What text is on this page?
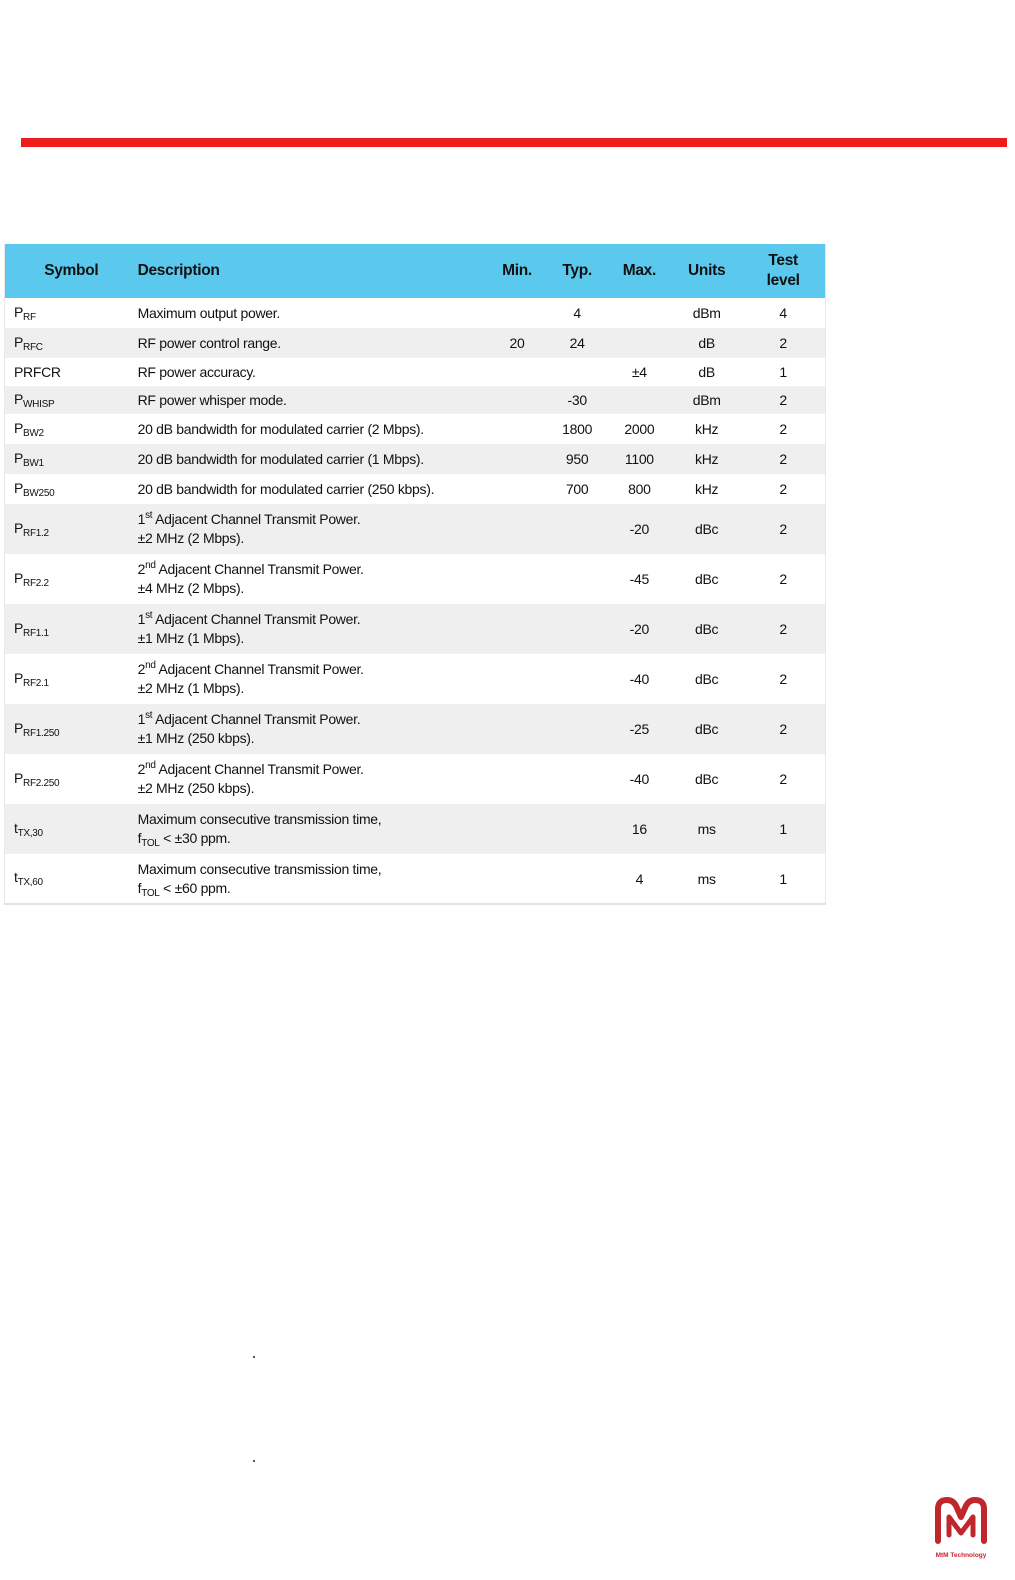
Symbol	Description	Min.	Typ.	Max.	Units	Test
level
$P_{RF}$	Maximum output power.		4		dBm	4
$P_{RFC}$	RF power control range.	20	24		dB	2
PRFCR	RF power accuracy.			±4	dB	1
$P_{WHISP}$	RF power whisper mode.		-30		dBm	2
$P_{BW2}$	20 dB bandwidth for modulated carrier (2 Mbps).		1800	2000	kHz	2
$P_{BW1}$	20 dB bandwidth for modulated carrier (1 Mbps).		950	1100	kHz	2
$P_{BW250}$	20 dB bandwidth for modulated carrier (250 kbps).		700	800	kHz	2
$P_{RF1.2}$	1st Adjacent Channel Transmit Power.
±2 MHz (2 Mbps).			-20	dBc	2
$P_{RF2.2}$	2nd Adjacent Channel Transmit Power.
±4 MHz (2 Mbps).			-45	dBc	2
$P_{RF1.1}$	1st Adjacent Channel Transmit Power.
±1 MHz (1 Mbps).			-20	dBc	2
$P_{RF2.1}$	2nd Adjacent Channel Transmit Power.
±2 MHz (1 Mbps).			-40	dBc	2
$P_{RF1.250}$	1st Adjacent Channel Transmit Power.
±1 MHz (250 kbps).			-25	dBc	2
$P_{RF2.250}$	2nd Adjacent Channel Transmit Power.
±2 MHz (250 kbps).			-40	dBc	2
$t_{TX,30}$	Maximum consecutive transmission time,
$f_{TOL} < \pm 30$ ppm.			16	ms	1
$t_{TX,60}$	Maximum consecutive transmission time,
$f_{TOL} < \pm 60$ ppm.			4	ms	1
MtM Technology
